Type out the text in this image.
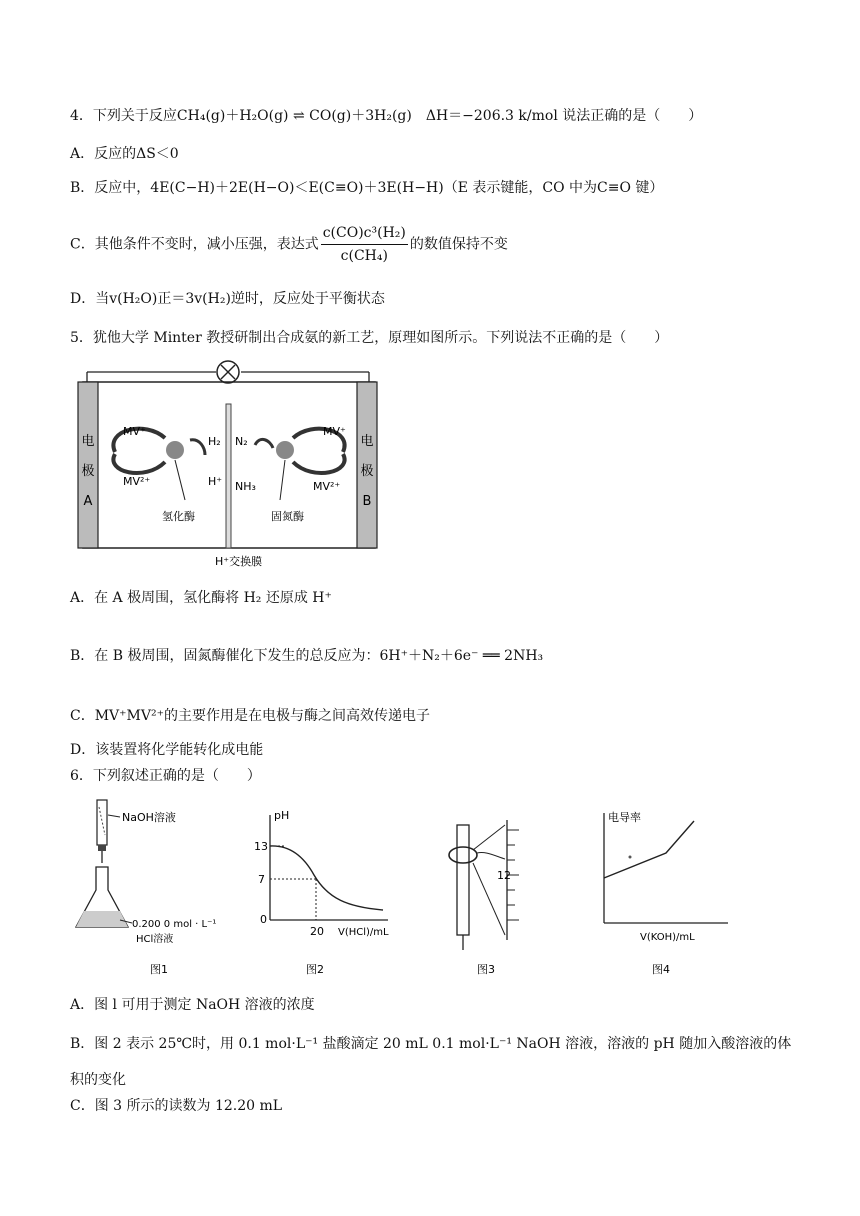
4．下列关于反应CH₄(g)＋H₂O(g) ⇌ CO(g)＋3H₂(g)　ΔH＝−206.3 k/mol 说法正确的是（　　）
A．反应的ΔS＜0
B．反应中，4E(C−H)＋2E(H−O)＜E(C≡O)＋3E(H−H)（E 表示键能，CO 中为C≡O 键）
C．其他条件不变时，减小压强，表达式 $\frac{\text{c(CO)c³(H₂)}}{\text{c(CH₄)}}$ 的数值保持不变
D．当v(H₂O)正＝3v(H₂)逆时，反应处于平衡状态
5．犹他大学 Minter 教授研制出合成氨的新工艺，原理如图所示。下列说法不正确的是（　　）
电
极
A
电
极
B
MV⁺
MV²⁺
H₂
H⁺
氢化酶
N₂
NH₃
MV⁺
MV²⁺
固氮酶
H⁺交换膜
A．在 A 极周围，氢化酶将 H₂ 还原成 H⁺
B．在 B 极周围，固氮酶催化下发生的总反应为：6H⁺＋N₂＋6e⁻ ══ 2NH₃
C．MV⁺MV²⁺的主要作用是在电极与酶之间高效传递电子
D．该装置将化学能转化成电能
6．下列叙述正确的是（　　）
NaOH溶液
0.200 0 mol · L⁻¹
HCl溶液
图1
pH
13
7
0
20 V(HCl)/mL
图2
12
图3
电导率
V(KOH)/mL
图4
A．图 l 可用于测定 NaOH 溶液的浓度
B．图 2 表示 25℃时，用 0.1 mol·L⁻¹ 盐酸滴定 20 mL 0.1 mol·L⁻¹ NaOH 溶液，溶液的 pH 随加入酸溶液的体积的变化
C．图 3 所示的读数为 12.20 mL
